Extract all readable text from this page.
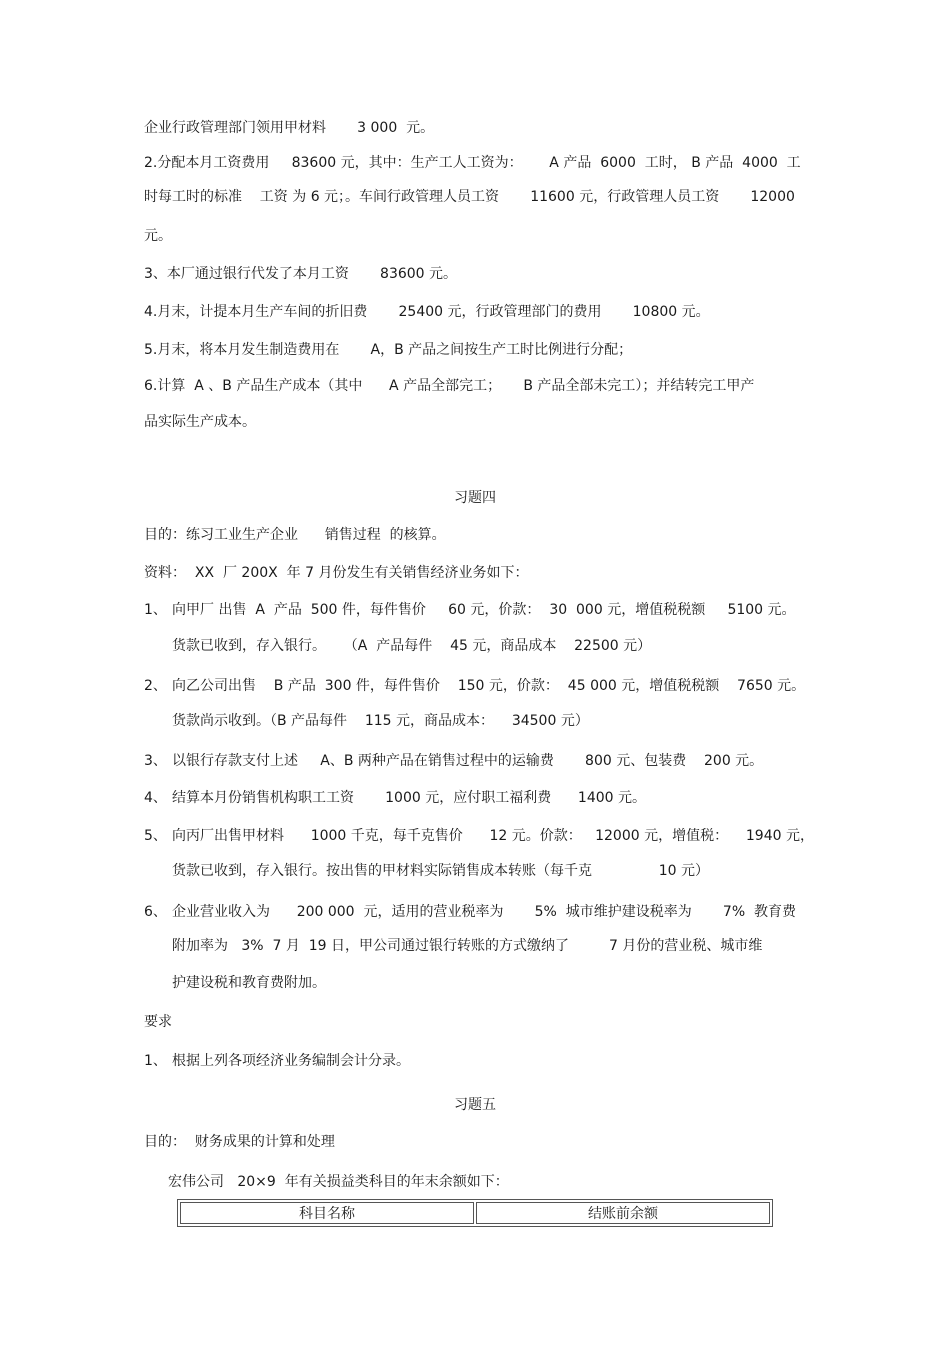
企业行政管理部门领用甲材料       3 000  元。
2.分配本月工资费用     83600 元，其中：生产工人工资为：      A 产品  6000  工时， B 产品  4000  工
时每工时的标准    工资 为 6 元；。车间行政管理人员工资       11600 元，行政管理人员工资       12000
元。
3、本厂通过银行代发了本月工资       83600 元。
4.月末，计提本月生产车间的折旧费       25400 元，行政管理部门的费用       10800 元。
5.月末，将本月发生制造费用在       A，B 产品之间按生产工时比例进行分配；
6.计算  A 、B 产品生产成本（其中      A 产品全部完工；     B 产品全部未完工）；并结转完工甲产
品实际生产成本。
习题四
目的：练习工业生产企业      销售过程  的核算。
资料：  XX  厂 200X  年 7 月份发生有关销售经济业务如下：
1、 向甲厂 出售  A  产品  500 件，每件售价     60 元，价款：  30  000 元，增值税税额     5100 元。
货款已收到，存入银行。    （A  产品每件    45 元，商品成本    22500 元）
2、 向乙公司出售    B 产品  300 件，每件售价    150 元，价款：  45 000 元，增值税税额    7650 元。
货款尚示收到。（B 产品每件    115 元，商品成本：    34500 元）
3、 以银行存款支付上述     A、B 两种产品在销售过程中的运输费       800 元、包装费    200 元。
4、 结算本月份销售机构职工工资       1000 元，应付职工福利费      1400 元。
5、 向丙厂出售甲材料      1000 千克，每千克售价      12 元。价款：   12000 元，增值税：    1940 元，
货款已收到，存入银行。按出售的甲材料实际销售成本转账（每千克               10 元）
6、 企业营业收入为      200 000  元，适用的营业税率为       5%  城市维护建设税率为       7%  教育费
附加率为   3%  7 月  19 日，甲公司通过银行转账的方式缴纳了         7 月份的营业税、城市维
护建设税和教育费附加。
要求
1、 根据上列各项经济业务编制会计分录。
习题五
目的：  财务成果的计算和处理
宏伟公司   20×9  年有关损益类科目的年末余额如下：
科目名称	结账前余额
